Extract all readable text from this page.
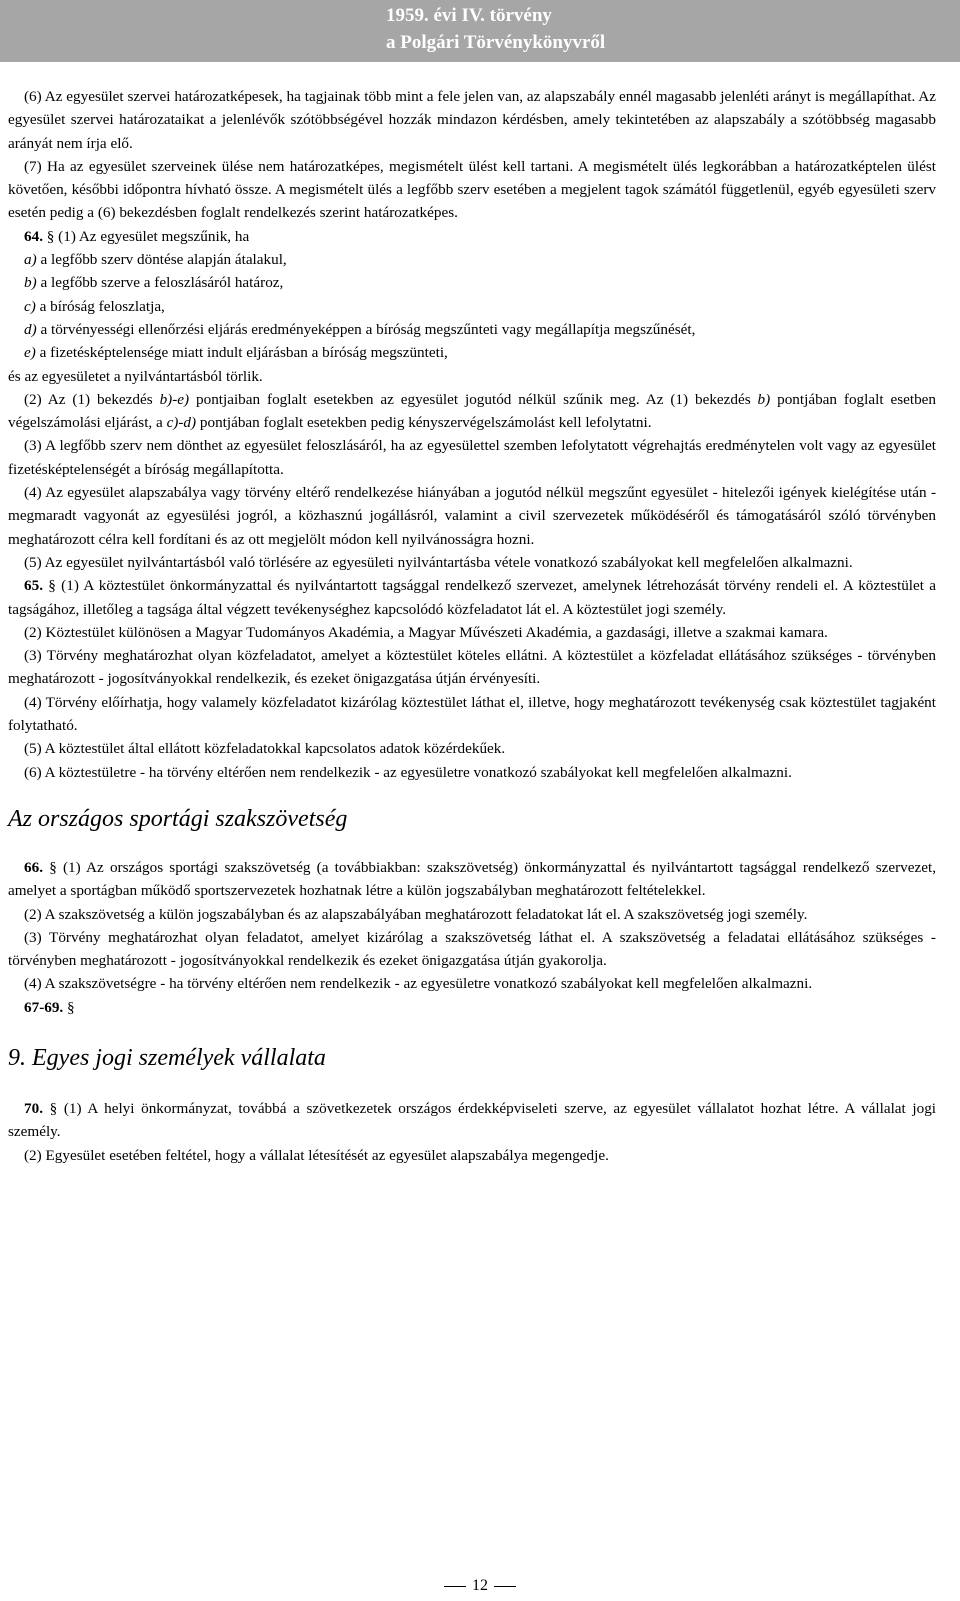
1959. évi IV. törvény
a Polgári Törvénykönyvről

(6) Az egyesület szervei határozatképesek, ha tagjainak több mint a fele jelen van, az alapszabály ennél magasabb jelenléti arányt is megállapíthat. Az egyesület szervei határozataikat a jelenlévők szótöbbségével hozzák mindazon kérdésben, amely tekintetében az alapszabály a szótöbbség magasabb arányát nem írja elő.

(7) Ha az egyesület szerveinek ülése nem határozatképes, megismételt ülést kell tartani. A megismételt ülés legkorábban a határozatképtelen ülést követően, későbbi időpontra hívható össze. A megismételt ülés a legfőbb szerv esetében a megjelent tagok számától függetlenül, egyéb egyesületi szerv esetén pedig a (6) bekezdésben foglalt rendelkezés szerint határozatképes.

64. § (1) Az egyesület megszűnik, ha

a) a legfőbb szerv döntése alapján átalakul,

b) a legfőbb szerve a feloszlásáról határoz,

c) a bíróság feloszlatja,

d) a törvényességi ellenőrzési eljárás eredményeképpen a bíróság megszűnteti vagy megállapítja megszűnését,

e) a fizetésképtelensége miatt indult eljárásban a bíróság megszünteti,

és az egyesületet a nyilvántartásból törlik.

(2) Az (1) bekezdés b)-e) pontjaiban foglalt esetekben az egyesület jogutód nélkül szűnik meg. Az (1) bekezdés b) pontjában foglalt esetben végelszámolási eljárást, a c)-d) pontjában foglalt esetekben pedig kényszervégelszámolást kell lefolytatni.

(3) A legfőbb szerv nem dönthet az egyesület feloszlásáról, ha az egyesülettel szemben lefolytatott végrehajtás eredménytelen volt vagy az egyesület fizetésképtelenségét a bíróság megállapította.

(4) Az egyesület alapszabálya vagy törvény eltérő rendelkezése hiányában a jogutód nélkül megszűnt egyesület - hitelezői igények kielégítése után - megmaradt vagyonát az egyesülési jogról, a közhasznú jogállásról, valamint a civil szervezetek működéséről és támogatásáról szóló törvényben meghatározott célra kell fordítani és az ott megjelölt módon kell nyilvánosságra hozni.

(5) Az egyesület nyilvántartásból való törlésére az egyesületi nyilvántartásba vétele vonatkozó szabályokat kell megfelelően alkalmazni.

65. § (1) A köztestület önkormányzattal és nyilvántartott tagsággal rendelkező szervezet, amelynek létrehozását törvény rendeli el. A köztestület a tagságához, illetőleg a tagsága által végzett tevékenységhez kapcsolódó közfeladatot lát el. A köztestület jogi személy.

(2) Köztestület különösen a Magyar Tudományos Akadémia, a Magyar Művészeti Akadémia, a gazdasági, illetve a szakmai kamara.

(3) Törvény meghatározhat olyan közfeladatot, amelyet a köztestület köteles ellátni. A köztestület a közfeladat ellátásához szükséges - törvényben meghatározott - jogosítványokkal rendelkezik, és ezeket önigazgatása útján érvényesíti.

(4) Törvény előírhatja, hogy valamely közfeladatot kizárólag köztestület láthat el, illetve, hogy meghatározott tevékenység csak köztestület tagjaként folytatható.

(5) A köztestület által ellátott közfeladatokkal kapcsolatos adatok közérdekűek.

(6) A köztestületre - ha törvény eltérően nem rendelkezik - az egyesületre vonatkozó szabályokat kell megfelelően alkalmazni.

Az országos sportági szakszövetség

66. § (1) Az országos sportági szakszövetség (a továbbiakban: szakszövetség) önkormányzattal és nyilvántartott tagsággal rendelkező szervezet, amelyet a sportágban működő sportszervezetek hozhatnak létre a külön jogszabályban meghatározott feltételekkel.

(2) A szakszövetség a külön jogszabályban és az alapszabályában meghatározott feladatokat lát el. A szakszövetség jogi személy.

(3) Törvény meghatározhat olyan feladatot, amelyet kizárólag a szakszövetség láthat el. A szakszövetség a feladatai ellátásához szükséges - törvényben meghatározott - jogosítványokkal rendelkezik és ezeket önigazgatása útján gyakorolja.

(4) A szakszövetségre - ha törvény eltérően nem rendelkezik - az egyesületre vonatkozó szabályokat kell megfelelően alkalmazni.

67-69. §

9. Egyes jogi személyek vállalata

70. § (1) A helyi önkormányzat, továbbá a szövetkezetek országos érdekképviseleti szerve, az egyesület vállalatot hozhat létre. A vállalat jogi személy.

(2) Egyesület esetében feltétel, hogy a vállalat létesítését az egyesület alapszabálya megengedje.

12
